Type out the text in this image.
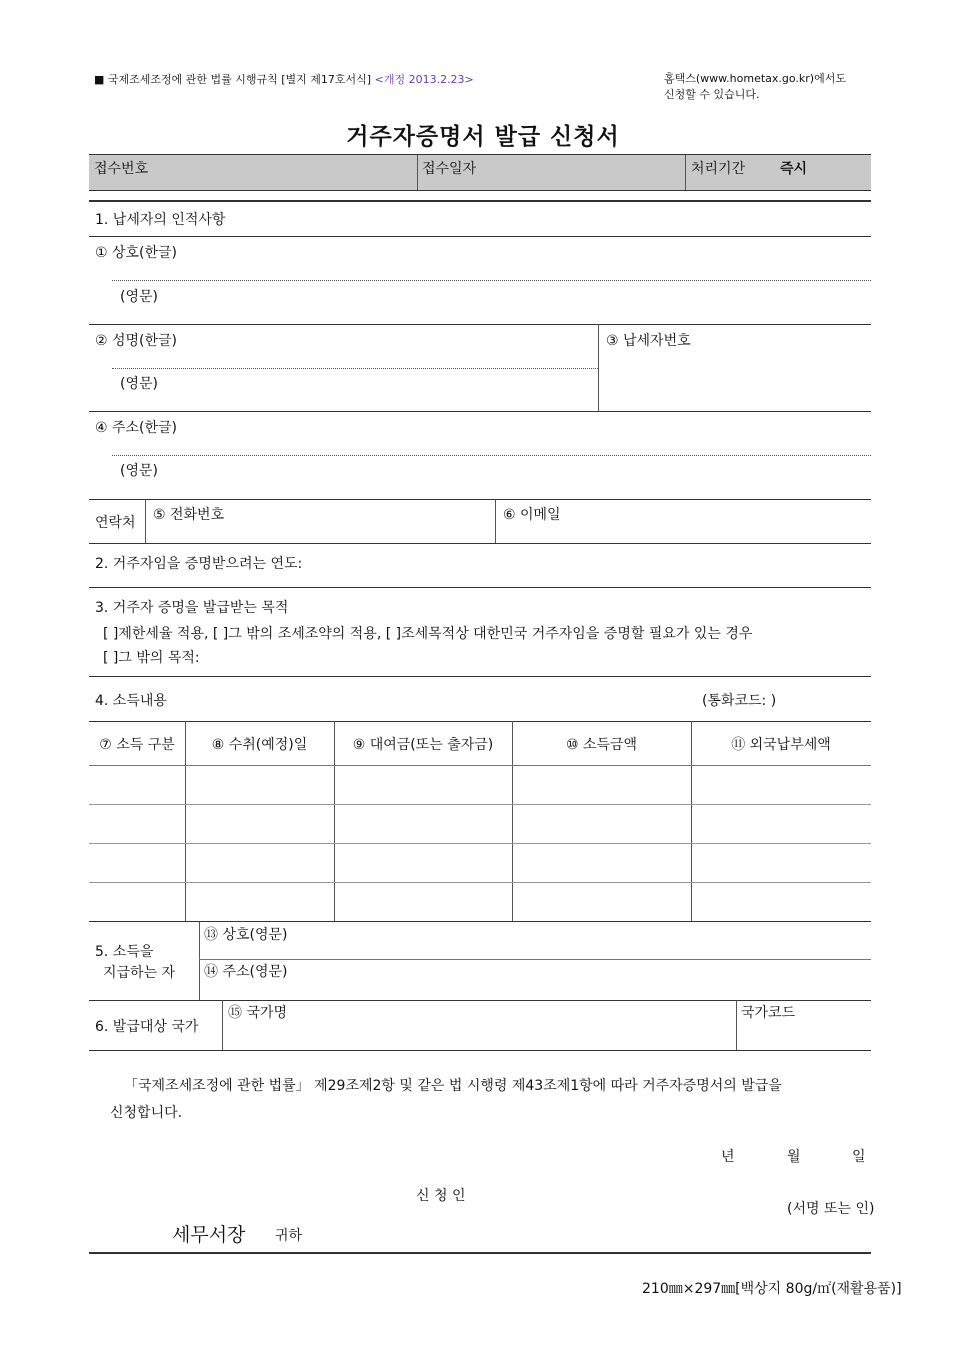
■ 국제조세조정에 관한 법률 시행규칙 [별지 제17호서식] <개정 2013.2.23>	홈택스(www.hometax.go.kr)에서도
신청할 수 있습니다.
거주자증명서 발급 신청서
접수번호	접수일자	처리기간 즉시
1. 납세자의 인적사항
① 상호(한글)
(영문)
② 성명(한글)	③ 납세자번호
(영문)
④ 주소(한글)
(영문)
연락처 ⑤ 전화번호	⑥ 이메일
2. 거주자임을 증명받으려는 연도:
3. 거주자 증명을 발급받는 목적
[ ]제한세율 적용, [ ]그 밖의 조세조약의 적용, [ ]조세목적상 대한민국 거주자임을 증명할 필요가 있는 경우
[ ]그 밖의 목적:
4. 소득내용	(통화코드: )
⑦ 소득 구분	⑧ 수취(예정)일	⑨ 대여금(또는 출자금)	⑩ 소득금액	⑪ 외국납부세액
5. 소득을
지급하는 자
⑬ 상호(영문)
⑭ 주소(영문)
6. 발급대상 국가
⑮ 국가명	국가코드
「국제조세조정에 관한 법률」 제29조제2항 및 같은 법 시행령 제43조제1항에 따라 거주자증명서의 발급을
신청합니다.
년	월	일
신 청 인
(서명 또는 인)
세무서장 귀하
210㎜×297㎜[백상지 80g/㎡(재활용품)]
